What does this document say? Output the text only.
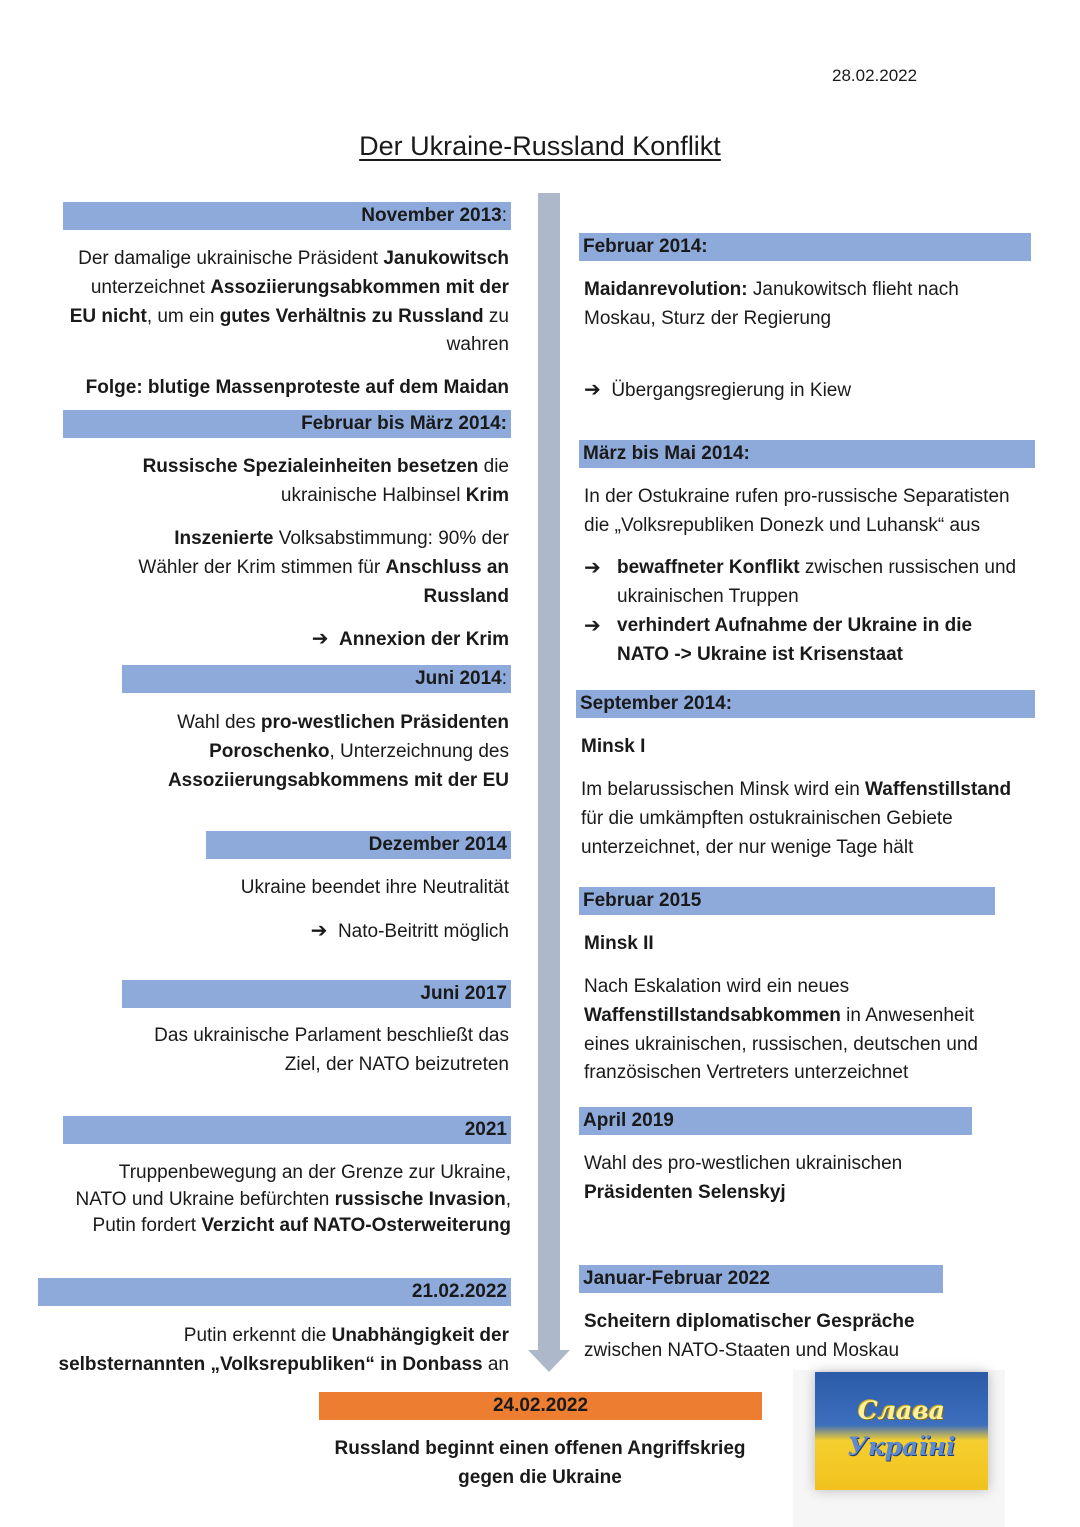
28.02.2022
Der Ukraine-Russland Konflikt
November 2013:
Der damalige ukrainische Präsident Janukowitsch
unterzeichnet Assoziierungsabkommen mit der
EU nicht, um ein gutes Verhältnis zu Russland zu
wahren
Folge: blutige Massenproteste auf dem Maidan
Februar bis März 2014:
Russische Spezialeinheiten besetzen die
ukrainische Halbinsel Krim
Inszenierte Volksabstimmung: 90% der
Wähler der Krim stimmen für Anschluss an
Russland
➔ Annexion der Krim
Juni 2014:
Wahl des pro-westlichen Präsidenten
Poroschenko, Unterzeichnung des
Assoziierungsabkommens mit der EU
Dezember 2014
Ukraine beendet ihre Neutralität
➔ Nato-Beitritt möglich
Juni 2017
Das ukrainische Parlament beschließt das
Ziel, der NATO beizutreten
2021
Truppenbewegung an der Grenze zur Ukraine,
NATO und Ukraine befürchten russische Invasion,
Putin fordert Verzicht auf NATO-Osterweiterung
21.02.2022
Putin erkennt die Unabhängigkeit der
selbsternannten „Volksrepubliken“ in Donbass an
Februar 2014:
Maidanrevolution: Janukowitsch flieht nach
Moskau, Sturz der Regierung
➔ Übergangsregierung in Kiew
März bis Mai 2014:
In der Ostukraine rufen pro-russische Separatisten
die „Volksrepubliken Donezk und Luhansk“ aus
➔ bewaffneter Konflikt zwischen russischen und
ukrainischen Truppen
➔ verhindert Aufnahme der Ukraine in die
NATO -> Ukraine ist Krisenstaat
September 2014:
Minsk I
Im belarussischen Minsk wird ein Waffenstillstand
für die umkämpften ostukrainischen Gebiete
unterzeichnet, der nur wenige Tage hält
Februar 2015
Minsk II
Nach Eskalation wird ein neues
Waffenstillstandsabkommen in Anwesenheit
eines ukrainischen, russischen, deutschen und
französischen Vertreters unterzeichnet
April 2019
Wahl des pro-westlichen ukrainischen
Präsidenten Selenskyj
Januar-Februar 2022
Scheitern diplomatischer Gespräche
zwischen NATO-Staaten und Moskau
24.02.2022
Russland beginnt einen offenen Angriffskrieg
gegen die Ukraine
Слава
Україні
